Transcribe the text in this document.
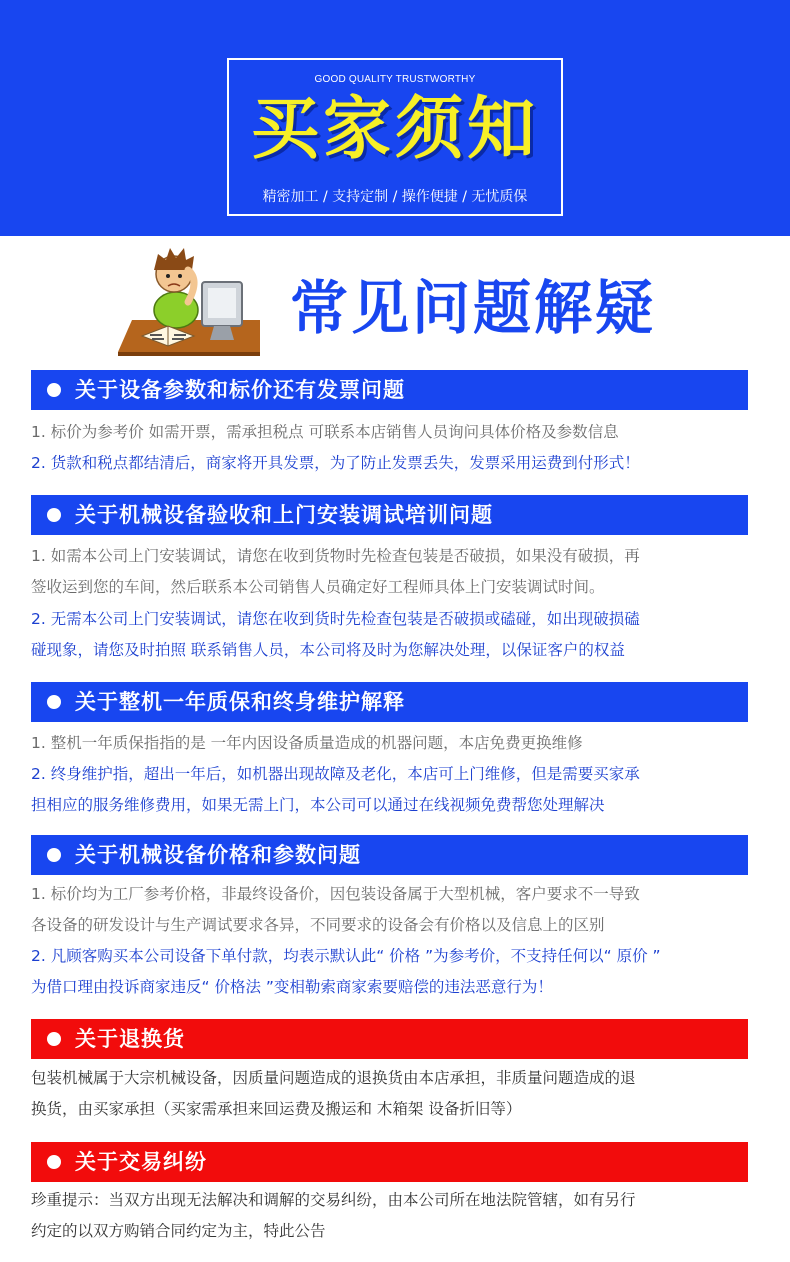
GOOD QUALITY TRUSTWORTHY
买家须知
精密加工 / 支持定制 / 操作便捷 / 无忧质保
常见问题解疑
关于设备参数和标价还有发票问题
1. 标价为参考价 如需开票，需承担税点 可联系本店销售人员询问具体价格及参数信息
2. 货款和税点都结清后，商家将开具发票，为了防止发票丢失，发票采用运费到付形式！
关于机械设备验收和上门安装调试培训问题
1. 如需本公司上门安装调试，请您在收到货物时先检查包装是否破损，如果没有破损，再
签收运到您的车间，然后联系本公司销售人员确定好工程师具体上门安装调试时间。
2. 无需本公司上门安装调试，请您在收到货时先检查包装是否破损或磕碰，如出现破损磕
碰现象，请您及时拍照 联系销售人员，本公司将及时为您解决处理，以保证客户的权益
关于整机一年质保和终身维护解释
1. 整机一年质保指指的是 一年内因设备质量造成的机器问题，本店免费更换维修
2. 终身维护指，超出一年后，如机器出现故障及老化，本店可上门维修，但是需要买家承
担相应的服务维修费用，如果无需上门，本公司可以通过在线视频免费帮您处理解决
关于机械设备价格和参数问题
1. 标价均为工厂参考价格，非最终设备价，因包装设备属于大型机械，客户要求不一导致
各设备的研发设计与生产调试要求各异，不同要求的设备会有价格以及信息上的区别
2. 凡顾客购买本公司设备下单付款，均表示默认此“ 价格 ”为参考价，不支持任何以“ 原价 ”
为借口理由投诉商家违反“ 价格法 ”变相勒索商家索要赔偿的违法恶意行为！
关于退换货
包装机械属于大宗机械设备，因质量问题造成的退换货由本店承担，非质量问题造成的退
换货，由买家承担（买家需承担来回运费及搬运和 木箱架 设备折旧等）
关于交易纠纷
珍重提示：当双方出现无法解决和调解的交易纠纷，由本公司所在地法院管辖，如有另行
约定的以双方购销合同约定为主，特此公告
